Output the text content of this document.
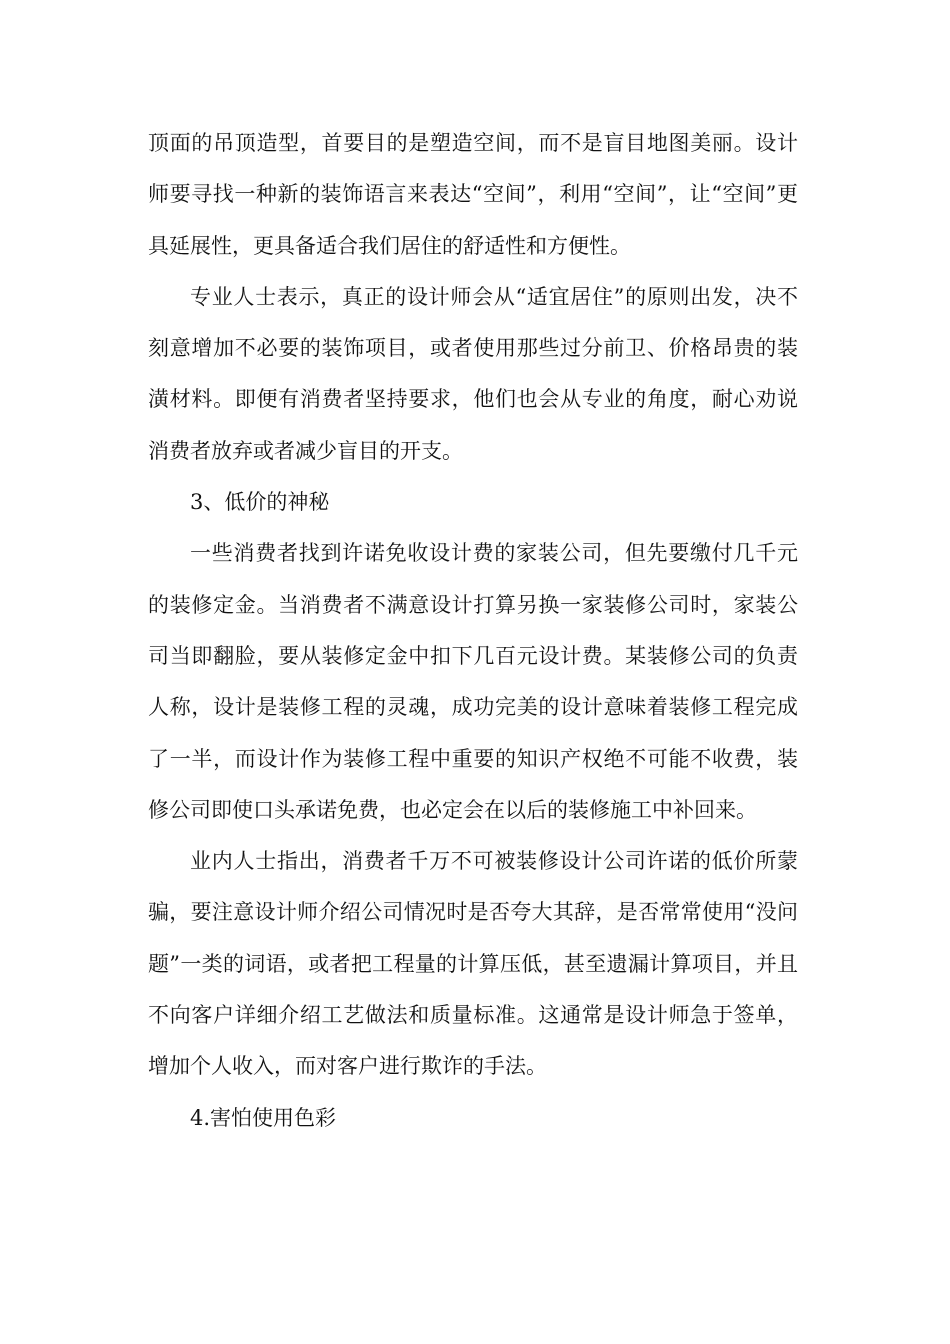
顶面的吊顶造型，首要目的是塑造空间，而不是盲目地图美丽。设计师要寻找一种新的装饰语言来表达“空间”，利用“空间”，让“空间”更具延展性，更具备适合我们居住的舒适性和方便性。

专业人士表示，真正的设计师会从“适宜居住”的原则出发，决不刻意增加不必要的装饰项目，或者使用那些过分前卫、价格昂贵的装潢材料。即便有消费者坚持要求，他们也会从专业的角度，耐心劝说消费者放弃或者减少盲目的开支。

3、低价的神秘

一些消费者找到许诺免收设计费的家装公司，但先要缴付几千元的装修定金。当消费者不满意设计打算另换一家装修公司时，家装公司当即翻脸，要从装修定金中扣下几百元设计费。某装修公司的负责人称，设计是装修工程的灵魂，成功完美的设计意味着装修工程完成了一半，而设计作为装修工程中重要的知识产权绝不可能不收费，装修公司即使口头承诺免费，也必定会在以后的装修施工中补回来。

业内人士指出，消费者千万不可被装修设计公司许诺的低价所蒙骗，要注意设计师介绍公司情况时是否夸大其辞，是否常常使用“没问题”一类的词语，或者把工程量的计算压低，甚至遗漏计算项目，并且不向客户详细介绍工艺做法和质量标准。这通常是设计师急于签单，增加个人收入，而对客户进行欺诈的手法。

4.害怕使用色彩
